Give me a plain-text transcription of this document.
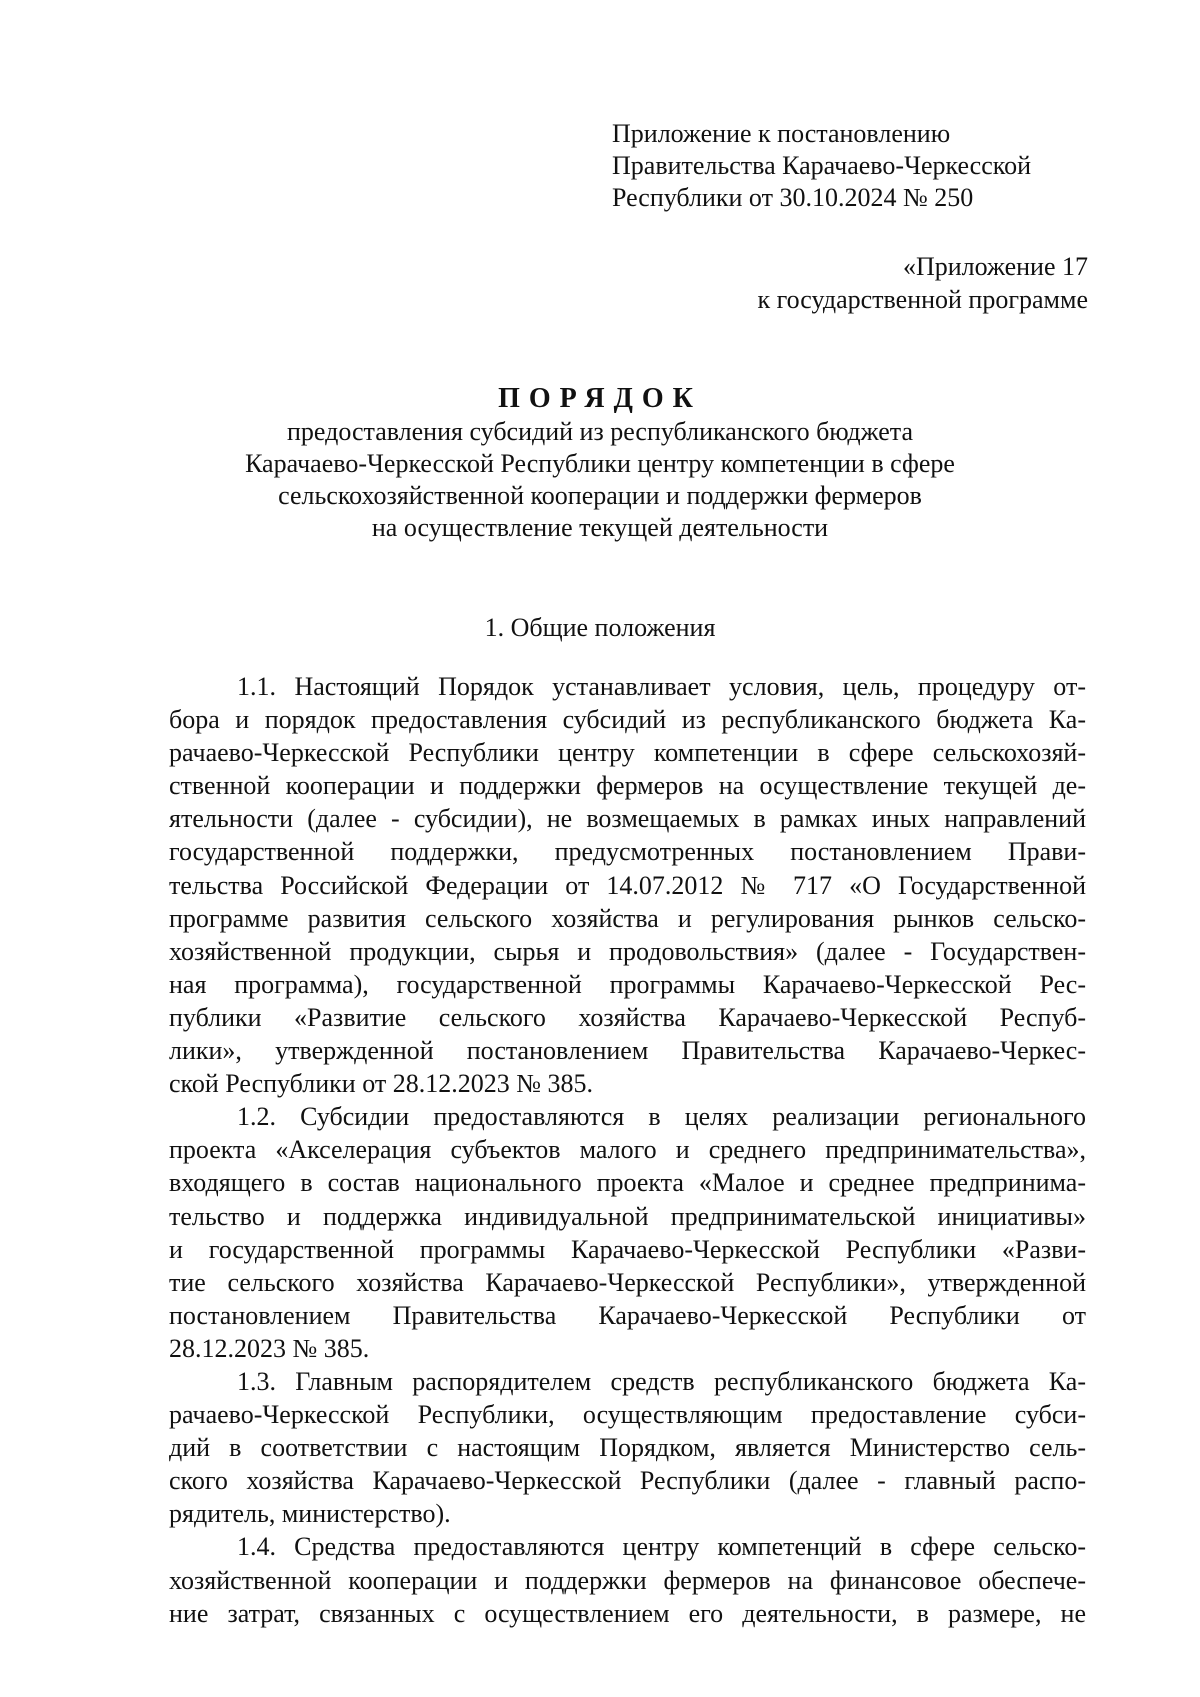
Приложение к постановлению
Правительства Карачаево-Черкесской
Республики от 30.10.2024 № 250
«Приложение 17
к государственной программе
ПОРЯДОК
предоставления субсидий из республиканского бюджета
Карачаево-Черкесской Республики центру компетенции в сфере
сельскохозяйственной кооперации и поддержки фермеров
на осуществление текущей деятельности
1. Общие положения
1.1. Настоящий Порядок устанавливает условия, цель, процедуру от-
бора и порядок предоставления субсидий из республиканского бюджета Ка-
рачаево-Черкесской Республики центру компетенции в сфере сельскохозяй-
ственной кооперации и поддержки фермеров на осуществление текущей де-
ятельности (далее - субсидии), не возмещаемых в рамках иных направлений
государственной поддержки, предусмотренных постановлением Прави-
тельства Российской Федерации от 14.07.2012 № 717 «О Государственной
программе развития сельского хозяйства и регулирования рынков сельско-
хозяйственной продукции, сырья и продовольствия» (далее - Государствен-
ная программа), государственной программы Карачаево-Черкесской Рес-
публики «Развитие сельского хозяйства Карачаево-Черкесской Респуб-
лики», утвержденной постановлением Правительства Карачаево-Черкес-
ской Республики от 28.12.2023 № 385.
1.2. Субсидии предоставляются в целях реализации регионального
проекта «Акселерация субъектов малого и среднего предпринимательства»,
входящего в состав национального проекта «Малое и среднее предпринима-
тельство и поддержка индивидуальной предпринимательской инициативы»
и государственной программы Карачаево-Черкесской Республики «Разви-
тие сельского хозяйства Карачаево-Черкесской Республики», утвержденной
постановлением Правительства Карачаево-Черкесской Республики от
28.12.2023 № 385.
1.3. Главным распорядителем средств республиканского бюджета Ка-
рачаево-Черкесской Республики, осуществляющим предоставление субси-
дий в соответствии с настоящим Порядком, является Министерство сель-
ского хозяйства Карачаево-Черкесской Республики (далее - главный распо-
рядитель, министерство).
1.4. Средства предоставляются центру компетенций в сфере сельско-
хозяйственной кооперации и поддержки фермеров на финансовое обеспече-
ние затрат, связанных с осуществлением его деятельности, в размере, не
